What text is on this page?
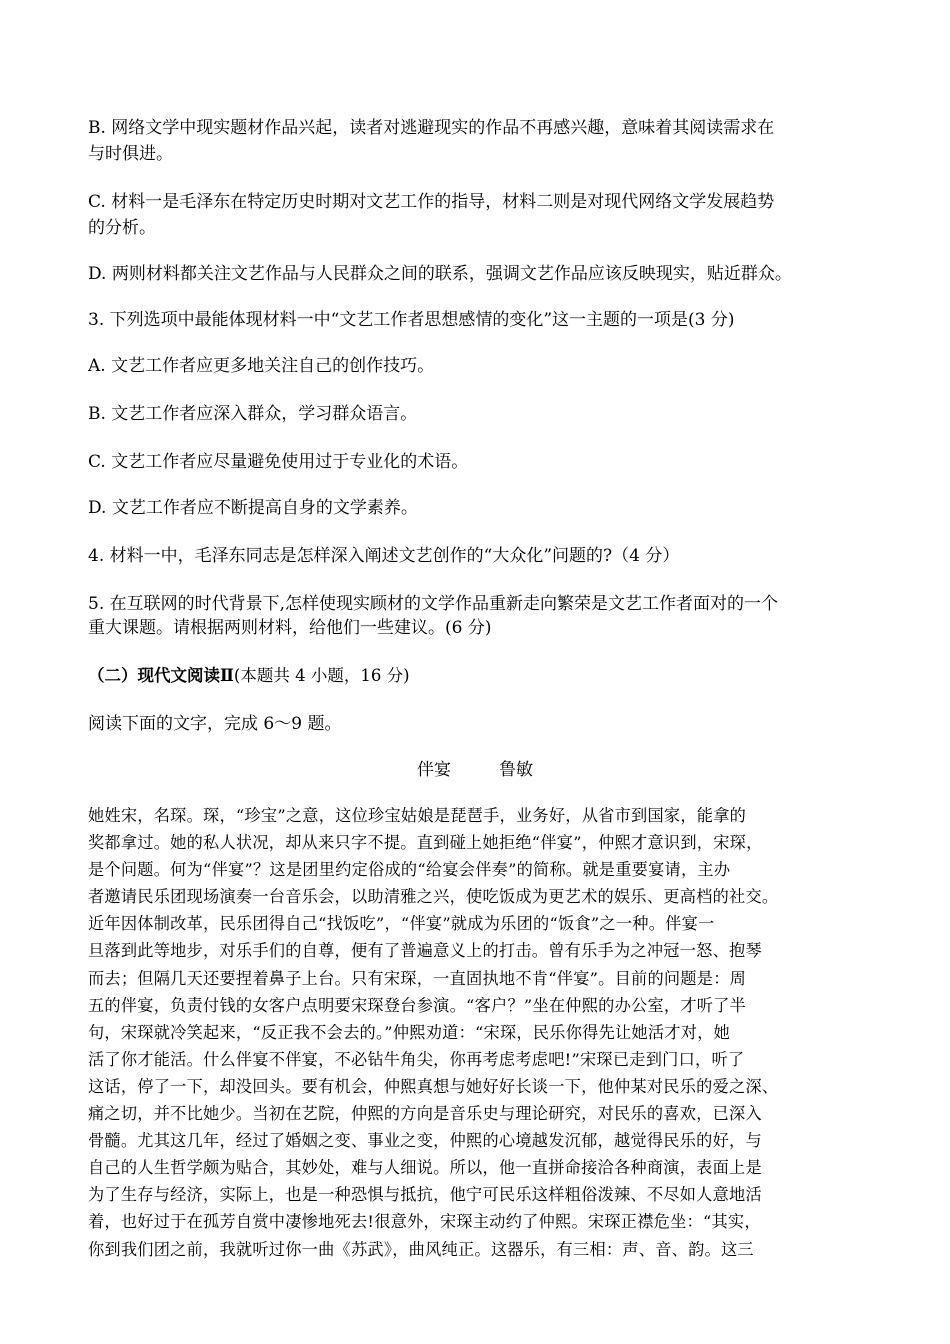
B. 网络文学中现实题材作品兴起，读者对逃避现实的作品不再感兴趣，意味着其阅读需求在
与时俱进。
C. 材料一是毛泽东在特定历史时期对文艺工作的指导，材料二则是对现代网络文学发展趋势
的分析。
D. 两则材料都关注文艺作品与人民群众之间的联系，强调文艺作品应该反映现实，贴近群众。
3. 下列选项中最能体现材料一中“文艺工作者思想感情的变化”这一主题的一项是(3 分)
A. 文艺工作者应更多地关注自己的创作技巧。
B. 文艺工作者应深入群众，学习群众语言。
C. 文艺工作者应尽量避免使用过于专业化的术语。
D. 文艺工作者应不断提高自身的文学素养。
4. 材料一中，毛泽东同志是怎样深入阐述文艺创作的“大众化”问题的?（4 分）
5. 在互联网的时代背景下,怎样使现实顾材的文学作品重新走向繁荣是文艺工作者面对的一个
重大课题。请根据两则材料，给他们一些建议。(6 分)
（二）现代文阅读Ⅱ(本题共 4 小题，16 分)
阅读下面的文字，完成 6～9 题。
伴宴	鲁敏
她姓宋，名琛。琛，“珍宝”之意，这位珍宝姑娘是琵琶手，业务好，从省市到国家，能拿的
奖都拿过。她的私人状况，却从来只字不提。直到碰上她拒绝“伴宴”，仲熙才意识到，宋琛，
是个问题。何为“伴宴”？这是团里约定俗成的“给宴会伴奏”的简称。就是重要宴请，主办
者邀请民乐团现场演奏一台音乐会，以助清雅之兴，使吃饭成为更艺术的娱乐、更高档的社交。
近年因体制改革，民乐团得自己“找饭吃”，“伴宴”就成为乐团的“饭食”之一种。伴宴一
旦落到此等地步，对乐手们的自尊，便有了普遍意义上的打击。曾有乐手为之冲冠一怒、抱琴
而去；但隔几天还要捏着鼻子上台。只有宋琛，一直固执地不肯“伴宴”。目前的问题是：周
五的伴宴，负责付钱的女客户点明要宋琛登台参演。“客户？”坐在仲熙的办公室，才听了半
句，宋琛就冷笑起来，“反正我不会去的。”仲熙劝道：“宋琛，民乐你得先让她活才对，她
活了你才能活。什么伴宴不伴宴，不必钻牛角尖，你再考虑考虑吧!”宋琛已走到门口，听了
这话，停了一下，却没回头。要有机会，仲熙真想与她好好长谈一下，他仲某对民乐的爱之深、
痛之切，并不比她少。当初在艺院，仲熙的方向是音乐史与理论研究，对民乐的喜欢，已深入
骨髓。尤其这几年，经过了婚姻之变、事业之变，仲熙的心境越发沉郁，越觉得民乐的好，与
自己的人生哲学颇为贴合，其妙处，难与人细说。所以，他一直拼命接洽各种商演，表面上是
为了生存与经济，实际上，也是一种恐惧与抵抗，他宁可民乐这样粗俗泼辣、不尽如人意地活
着，也好过于在孤芳自赏中凄惨地死去!很意外，宋琛主动约了仲熙。宋琛正襟危坐：“其实，
你到我们团之前，我就听过你一曲《苏武》，曲风纯正。这器乐，有三相：声、音、韵。这三
